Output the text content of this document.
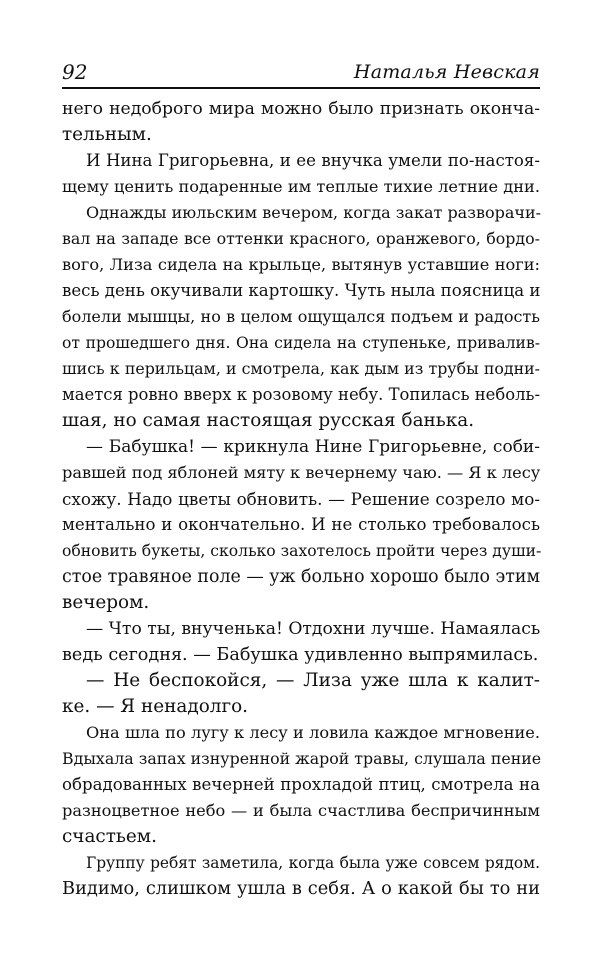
92	Наталья Невская
него недоброго мира можно было признать оконча-
тельным.
И Нина Григорьевна, и ее внучка умели по-настоя-
щему ценить подаренные им теплые тихие летние дни.
Однажды июльским вечером, когда закат разворачи-
вал на западе все оттенки красного, оранжевого, бордо-
вого, Лиза сидела на крыльце, вытянув уставшие ноги:
весь день окучивали картошку. Чуть ныла поясница и
болели мышцы, но в целом ощущался подъем и радость
от прошедшего дня. Она сидела на ступеньке, привалив-
шись к перильцам, и смотрела, как дым из трубы подни-
мается ровно вверх к розовому небу. Топилась неболь-
шая, но самая настоящая русская банька.
— Бабушка! — крикнула Нине Григорьевне, соби-
равшей под яблоней мяту к вечернему чаю. — Я к лесу
схожу. Надо цветы обновить. — Решение созрело мо-
ментально и окончательно. И не столько требовалось
обновить букеты, сколько захотелось пройти через души-
стое травяное поле — уж больно хорошо было этим
вечером.
— Что ты, внученька! Отдохни лучше. Намаялась
ведь сегодня. — Бабушка удивленно выпрямилась.
— Не беспокойся, — Лиза уже шла к калит-
ке. — Я ненадолго.
Она шла по лугу к лесу и ловила каждое мгновение.
Вдыхала запах изнуренной жарой травы, слушала пение
обрадованных вечерней прохладой птиц, смотрела на
разноцветное небо — и была счастлива беспричинным
счастьем.
Группу ребят заметила, когда была уже совсем рядом.
Видимо, слишком ушла в себя. А о какой бы то ни
